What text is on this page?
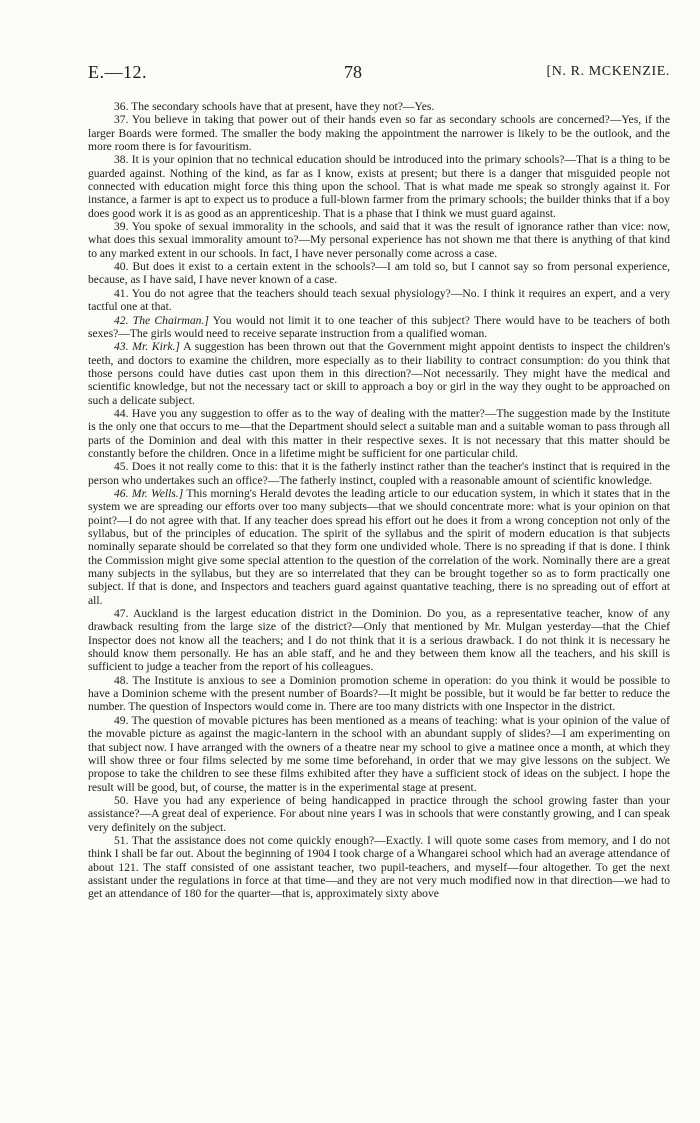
E.—12.	78	[N. R. MCKENZIE.

36. The secondary schools have that at present, have they not?—Yes.

37. You believe in taking that power out of their hands even so far as secondary schools are concerned?—Yes, if the larger Boards were formed. The smaller the body making the appointment the narrower is likely to be the outlook, and the more room there is for favouritism.

38. It is your opinion that no technical education should be introduced into the primary schools?—That is a thing to be guarded against. Nothing of the kind, as far as I know, exists at present; but there is a danger that misguided people not connected with education might force this thing upon the school. That is what made me speak so strongly against it. For instance, a farmer is apt to expect us to produce a full-blown farmer from the primary schools; the builder thinks that if a boy does good work it is as good as an apprenticeship. That is a phase that I think we must guard against.

39. You spoke of sexual immorality in the schools, and said that it was the result of ignorance rather than vice: now, what does this sexual immorality amount to?—My personal experience has not shown me that there is anything of that kind to any marked extent in our schools. In fact, I have never personally come across a case.

40. But does it exist to a certain extent in the schools?—I am told so, but I cannot say so from personal experience, because, as I have said, I have never known of a case.

41. You do not agree that the teachers should teach sexual physiology?—No. I think it requires an expert, and a very tactful one at that.

42. The Chairman.] You would not limit it to one teacher of this subject? There would have to be teachers of both sexes?—The girls would need to receive separate instruction from a qualified woman.

43. Mr. Kirk.] A suggestion has been thrown out that the Government might appoint dentists to inspect the children's teeth, and doctors to examine the children, more especially as to their liability to contract consumption: do you think that those persons could have duties cast upon them in this direction?—Not necessarily. They might have the medical and scientific knowledge, but not the necessary tact or skill to approach a boy or girl in the way they ought to be approached on such a delicate subject.

44. Have you any suggestion to offer as to the way of dealing with the matter?—The suggestion made by the Institute is the only one that occurs to me—that the Department should select a suitable man and a suitable woman to pass through all parts of the Dominion and deal with this matter in their respective sexes. It is not necessary that this matter should be constantly before the children. Once in a lifetime might be sufficient for one particular child.

45. Does it not really come to this: that it is the fatherly instinct rather than the teacher's instinct that is required in the person who undertakes such an office?—The fatherly instinct, coupled with a reasonable amount of scientific knowledge.

46. Mr. Wells.] This morning's Herald devotes the leading article to our education system, in which it states that in the system we are spreading our efforts over too many subjects—that we should concentrate more: what is your opinion on that point?—I do not agree with that. If any teacher does spread his effort out he does it from a wrong conception not only of the syllabus, but of the principles of education. The spirit of the syllabus and the spirit of modern education is that subjects nominally separate should be correlated so that they form one undivided whole. There is no spreading if that is done. I think the Commission might give some special attention to the question of the correlation of the work. Nominally there are a great many subjects in the syllabus, but they are so interrelated that they can be brought together so as to form practically one subject. If that is done, and Inspectors and teachers guard against quantative teaching, there is no spreading out of effort at all.

47. Auckland is the largest education district in the Dominion. Do you, as a representative teacher, know of any drawback resulting from the large size of the district?—Only that mentioned by Mr. Mulgan yesterday—that the Chief Inspector does not know all the teachers; and I do not think that it is a serious drawback. I do not think it is necessary he should know them personally. He has an able staff, and he and they between them know all the teachers, and his skill is sufficient to judge a teacher from the report of his colleagues.

48. The Institute is anxious to see a Dominion promotion scheme in operation: do you think it would be possible to have a Dominion scheme with the present number of Boards?—It might be possible, but it would be far better to reduce the number. The question of Inspectors would come in. There are too many districts with one Inspector in the district.

49. The question of movable pictures has been mentioned as a means of teaching: what is your opinion of the value of the movable picture as against the magic-lantern in the school with an abundant supply of slides?—I am experimenting on that subject now. I have arranged with the owners of a theatre near my school to give a matinee once a month, at which they will show three or four films selected by me some time beforehand, in order that we may give lessons on the subject. We propose to take the children to see these films exhibited after they have a sufficient stock of ideas on the subject. I hope the result will be good, but, of course, the matter is in the experimental stage at present.

50. Have you had any experience of being handicapped in practice through the school growing faster than your assistance?—A great deal of experience. For about nine years I was in schools that were constantly growing, and I can speak very definitely on the subject.

51. That the assistance does not come quickly enough?—Exactly. I will quote some cases from memory, and I do not think I shall be far out. About the beginning of 1904 I took charge of a Whangarei school which had an average attendance of about 121. The staff consisted of one assistant teacher, two pupil-teachers, and myself—four altogether. To get the next assistant under the regulations in force at that time—and they are not very much modified now in that direction—we had to get an attendance of 180 for the quarter—that is, approximately sixty above
